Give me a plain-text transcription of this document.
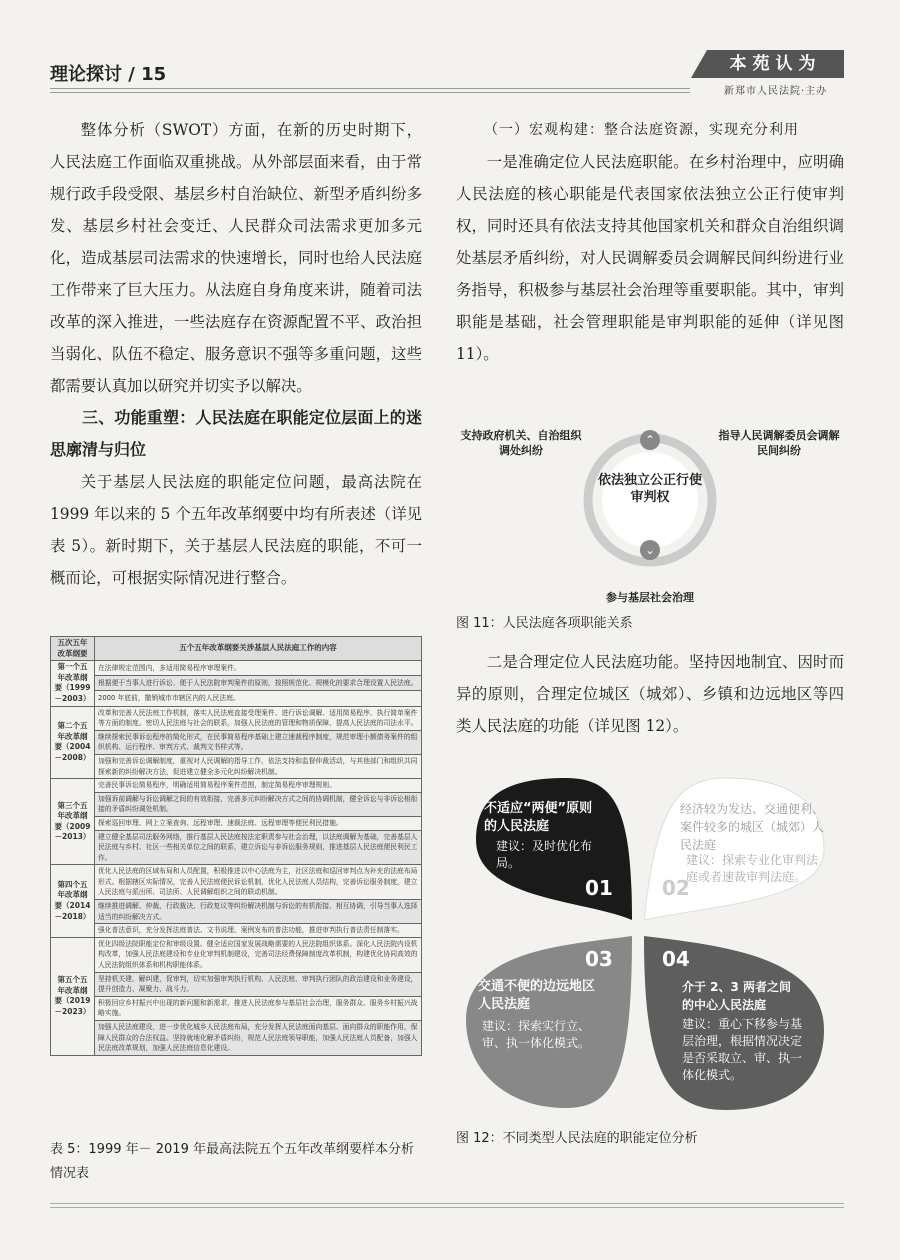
理论探讨 / 15	本苑认为
新郑市人民法院·主办

整体分析（SWOT）方面，在新的历史时期下，人民法庭工作面临双重挑战。从外部层面来看，由于常规行政手段受限、基层乡村自治缺位、新型矛盾纠纷多发、基层乡村社会变迁、人民群众司法需求更加多元化，造成基层司法需求的快速增长，同时也给人民法庭工作带来了巨大压力。从法庭自身角度来讲，随着司法改革的深入推进，一些法庭存在资源配置不平、政治担当弱化、队伍不稳定、服务意识不强等多重问题，这些都需要认真加以研究并切实予以解决。

三、功能重塑：人民法庭在职能定位层面上的迷思廓清与归位

关于基层人民法庭的职能定位问题，最高法院在 1999 年以来的 5 个五年改革纲要中均有所表述（详见表 5）。新时期下，关于基层人民法庭的职能，不可一概而论，可根据实际情况进行整合。

五次五年改革纲要	五个五年改革纲要关涉基层人民法庭工作的内容
第一个五年改革纲要（1999－2003）	在法律规定范围内，多适用简易程序审理案件。
	根据便于当事人进行诉讼、便于人民法院审判案件的原则，按照规范化、规模化的要求合理设置人民法庭。
	2000 年底前，撤销城市市辖区内的人民法庭。
第二个五年改革纲要（2004－2008）	改革和完善人民法庭工作机制，落实人民法庭直接受理案件、进行诉讼调解、适用简易程序、执行简单案件等方面的制度。密切人民法庭与社会的联系，加强人民法庭的管理和物质保障，提高人民法庭的司法水平。
	继续探索民事诉讼程序的简化形式，在民事简易程序基础上建立速裁程序制度，规范审理小额债务案件的组织机构、运行程序、审判方式、裁判文书样式等。
	加强和完善诉讼调解制度，重视对人民调解的指导工作，依法支持和监督仲裁活动，与其他部门和组织共同探索新的纠纷解决方法，促进建立健全多元化纠纷解决机制。
第三个五年改革纲要（2009－2013）	完善民事诉讼简易程序，明确适用简易程序案件范围，制定简易程序审理规则。
	加强诉前调解与诉讼调解之间的有效衔接，完善多元纠纷解决方式之间的协调机制，健全诉讼与非诉讼相衔接的矛盾纠纷调处机制。
	探索巡回审理、网上立案查询、远程审理、速裁法庭、远程审理等便民利民措施。
	建立健全基层司法服务网络，推行基层人民法庭按法定职责参与社会治理，以法庭调解为基础，完善基层人民法庭与乡村、社区一些相关单位之间的联系，建立诉讼与非诉讼服务规则，推进基层人民法庭便民利民工作。
第四个五年改革纲要（2014－2018）	优化人民法庭的区域布局和人员配置，积极推进以中心法庭为主，社区法庭和巡回审判点为补充的法庭布局形式。根据辖区实际情况，完善人民法庭便民诉讼机制，优化人民法庭人员结构，完善诉讼服务制度，建立人民法庭与派出所、司法所、人民调解组织之间的联动机制。
	继续推进调解、仲裁、行政裁决、行政复议等纠纷解决机制与诉讼的有机衔接、相互协调，引导当事人选择适当的纠纷解决方式。
	强化普法意识，充分发挥法庭普法、文书说理、案例发布的普法功能，推进审判执行普法责任制落实。
第五个五年改革纲要（2019－2023）	优化四级法院职能定位和审级设置。健全适应国家发展战略需要的人民法院组织体系。深化人民法院内设机构改革，加强人民法庭建设和专业化审判机制建设，完善司法经费保障制度改革机制，构建优化协同高效的人民法院组织体系和机构职能体系。
	坚持机关建、解纠建，促审判，切实加强审判执行机构、人民法庭、审判执行团队的政治建设和业务建设，提升创造力、凝聚力、战斗力。
	积极回应乡村振兴中出现的新问题和新需求，推进人民法庭参与基层社会治理，服务群众、服务乡村振兴战略实施。
	加强人民法庭建设，进一步优化城乡人民法庭布局，充分发挥人民法庭面向基层、面向群众的职能作用，保障人民群众的合法权益。坚持就地化解矛盾纠纷，规范人民法庭领导职能，加强人民法庭人员配备，加强人民法庭改革规划，加强人民法庭信息化建设。
表 5：1999 年－ 2019 年最高法院五个五年改革纲要样本分析情况表

（一）宏观构建：整合法庭资源，实现充分利用

一是准确定位人民法庭职能。在乡村治理中，应明确人民法庭的核心职能是代表国家依法独立公正行使审判权，同时还具有依法支持其他国家机关和群众自治组织调处基层矛盾纠纷，对人民调解委员会调解民间纠纷进行业务指导，积极参与基层社会治理等重要职能。其中，审判职能是基础，社会管理职能是审判职能的延伸（详见图 11）。

依法独立公正行使审判权
支持政府机关、自治组织调处纠纷
指导人民调解委员会调解民间纠纷
参与基层社会治理
⌃
⌄
图 11：人民法庭各项职能关系

二是合理定位人民法庭功能。坚持因地制宜、因时而异的原则，合理定位城区（城郊）、乡镇和边远地区等四类人民法庭的功能（详见图 12）。

不适应“两便”原则的人民法庭
建议：及时优化布局。
01
经济较为发达、交通便利、案件较多的城区（城郊）人民法庭
建议：探索专业化审判法庭或者速裁审判法庭。
02
03
交通不便的边远地区人民法庭
建议：探索实行立、审、执一体化模式。
04
介于 2、3 两者之间的中心人民法庭
建议：重心下移参与基层治理，根据情况决定是否采取立、审、执一体化模式。
图 12：不同类型人民法庭的职能定位分析
